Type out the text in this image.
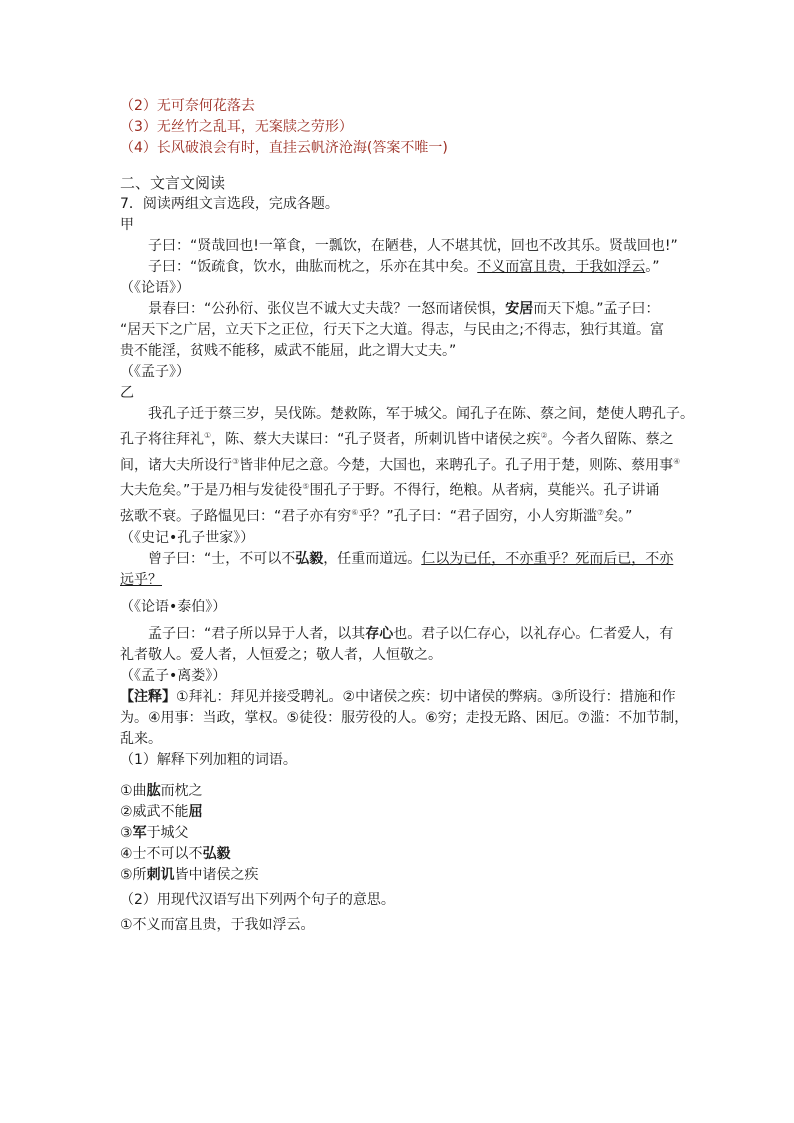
（2）无可奈何花落去
（3）无丝竹之乱耳，无案牍之劳形）
（4）长风破浪会有时，直挂云帆济沧海(答案不唯一)
二、文言文阅读
7．阅读两组文言选段，完成各题。
甲
子曰：“贤哉回也!一箪食，一瓢饮，在陋巷，人不堪其忧，回也不改其乐。贤哉回也!”
子曰：“饭疏食，饮水，曲肱而枕之，乐亦在其中矣。不义而富且贵，于我如浮云。”
（《论语》）
景春曰：“公孙衍、张仪岂不诚大丈夫哉？一怒而诸侯惧，安居而天下熄。”孟子曰：
“居天下之广居，立天下之正位，行天下之大道。得志，与民由之;不得志，独行其道。富
贵不能淫，贫贱不能移，威武不能屈，此之谓大丈夫。”
（《孟子》）
乙
我孔子迁于蔡三岁，吴伐陈。楚救陈，军于城父。闻孔子在陈、蔡之间，楚使人聘孔子。
孔子将往拜礼①，陈、蔡大夫谋曰：“孔子贤者，所刺讥皆中诸侯之疾②。今者久留陈、蔡之
间，诸大夫所设行③皆非仲尼之意。今楚，大国也，来聘孔子。孔子用于楚，则陈、蔡用事④
大夫危矣。”于是乃相与发徒役⑤围孔子于野。不得行，绝粮。从者病，莫能兴。孔子讲诵
弦歌不衰。子路愠见曰：“君子亦有穷⑥乎？”孔子曰：“君子固穷，小人穷斯滥⑦矣。”
（《史记•孔子世家》）
曾子曰：“士，不可以不弘毅，任重而道远。仁以为已任，不亦重乎？死而后已，不亦
远乎？
（《论语•泰伯》）
孟子曰：“君子所以异于人者，以其存心也。君子以仁存心，以礼存心。仁者爱人，有
礼者敬人。爱人者，人恒爱之；敬人者，人恒敬之。
（《孟子•离娄》）
【注释】①拜礼：拜见并接受聘礼。②中诸侯之疾：切中诸侯的弊病。③所设行：措施和作
为。④用事：当政，掌权。⑤徒役：服劳役的人。⑥穷；走投无路、困厄。⑦滥：不加节制，
乱来。
（1）解释下列加粗的词语。
①曲肱而枕之
②威武不能屈
③军于城父
④士不可以不弘毅
⑤所刺讥皆中诸侯之疾
（2）用现代汉语写出下列两个句子的意思。
①不义而富且贵，于我如浮云。
